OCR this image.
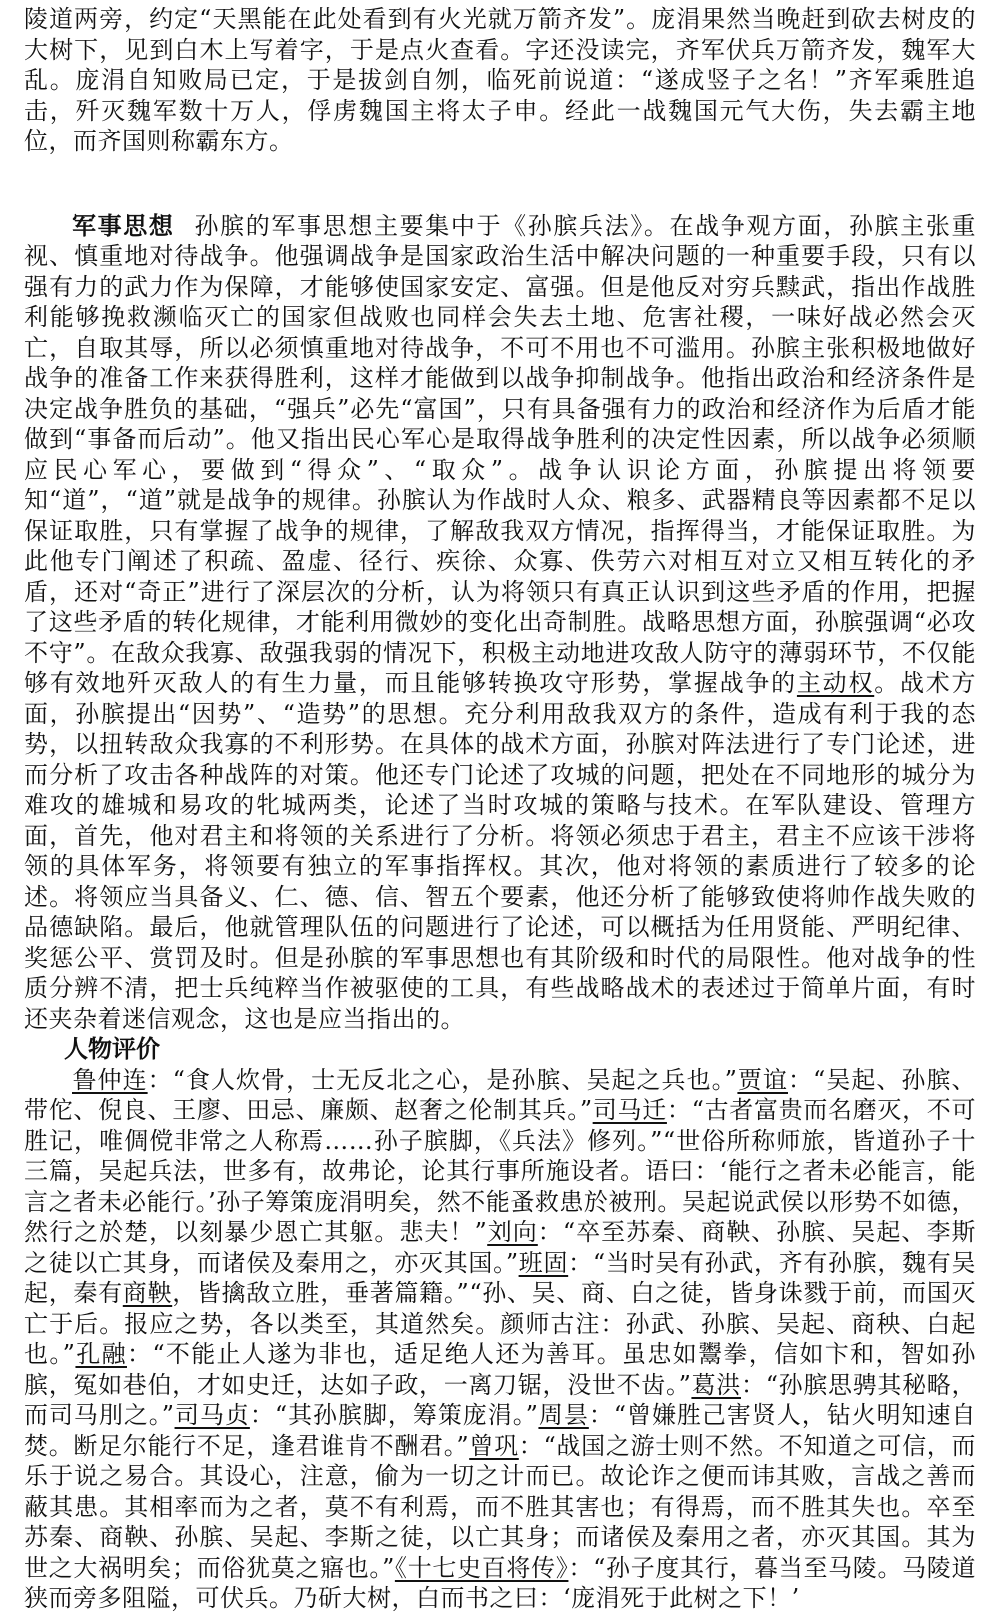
陵道两旁，约定“天黑能在此处看到有火光就万箭齐发”。庞涓果然当晚赶到砍去树皮的大树下，见到白木上写着字，于是点火查看。字还没读完，齐军伏兵万箭齐发，魏军大乱。庞涓自知败局已定，于是拔剑自刎，临死前说道：“遂成竖子之名！”齐军乘胜追击，歼灭魏军数十万人，俘虏魏国主将太子申。经此一战魏国元气大伤，失去霸主地位，而齐国则称霸东方。

军事思想 孙膑的军事思想主要集中于《孙膑兵法》。在战争观方面，孙膑主张重视、慎重地对待战争。他强调战争是国家政治生活中解决问题的一种重要手段，只有以强有力的武力作为保障，才能够使国家安定、富强。但是他反对穷兵黩武，指出作战胜利能够挽救濒临灭亡的国家但战败也同样会失去土地、危害社稷，一味好战必然会灭亡，自取其辱，所以必须慎重地对待战争，不可不用也不可滥用。孙膑主张积极地做好战争的准备工作来获得胜利，这样才能做到以战争抑制战争。他指出政治和经济条件是决定战争胜负的基础，“强兵”必先“富国”，只有具备强有力的政治和经济作为后盾才能做到“事备而后动”。他又指出民心军心是取得战争胜利的决定性因素，所以战争必须顺应民心军心，要做到“得众”、“取众”。战争认识论方面，孙膑提出将领要知“道”，“道”就是战争的规律。孙膑认为作战时人众、粮多、武器精良等因素都不足以保证取胜，只有掌握了战争的规律，了解敌我双方情况，指挥得当，才能保证取胜。为此他专门阐述了积疏、盈虚、径行、疾徐、众寡、佚劳六对相互对立又相互转化的矛盾，还对“奇正”进行了深层次的分析，认为将领只有真正认识到这些矛盾的作用，把握了这些矛盾的转化规律，才能利用微妙的变化出奇制胜。战略思想方面，孙膑强调“必攻不守”。在敌众我寡、敌强我弱的情况下，积极主动地进攻敌人防守的薄弱环节，不仅能够有效地歼灭敌人的有生力量，而且能够转换攻守形势，掌握战争的主动权。战术方面，孙膑提出“因势”、“造势”的思想。充分利用敌我双方的条件，造成有利于我的态势，以扭转敌众我寡的不利形势。在具体的战术方面，孙膑对阵法进行了专门论述，进而分析了攻击各种战阵的对策。他还专门论述了攻城的问题，把处在不同地形的城分为难攻的雄城和易攻的牝城两类，论述了当时攻城的策略与技术。在军队建设、管理方面，首先，他对君主和将领的关系进行了分析。将领必须忠于君主，君主不应该干涉将领的具体军务，将领要有独立的军事指挥权。其次，他对将领的素质进行了较多的论述。将领应当具备义、仁、德、信、智五个要素，他还分析了能够致使将帅作战失败的品德缺陷。最后，他就管理队伍的问题进行了论述，可以概括为任用贤能、严明纪律、奖惩公平、赏罚及时。但是孙膑的军事思想也有其阶级和时代的局限性。他对战争的性质分辨不清，把士兵纯粹当作被驱使的工具，有些战略战术的表述过于简单片面，有时还夹杂着迷信观念，这也是应当指出的。

人物评价

鲁仲连：“食人炊骨，士无反北之心，是孙膑、吴起之兵也。”贾谊：“吴起、孙膑、带佗、倪良、王廖、田忌、廉颇、赵奢之伦制其兵。”司马迁：“古者富贵而名磨灭，不可胜记，唯倜傥非常之人称焉……孙子膑脚，《兵法》修列。”“世俗所称师旅，皆道孙子十三篇，吴起兵法，世多有，故弗论，论其行事所施设者。语曰：‘能行之者未必能言，能言之者未必能行。’孙子筹策庞涓明矣，然不能蚤救患於被刑。吴起说武侯以形势不如德，然行之於楚，以刻暴少恩亡其躯。悲夫！”刘向：“卒至苏秦、商鞅、孙膑、吴起、李斯之徒以亡其身，而诸侯及秦用之，亦灭其国。”班固：“当时吴有孙武，齐有孙膑，魏有吴起，秦有商鞅，皆擒敌立胜，垂著篇籍。”“孙、吴、商、白之徒，皆身诛戮于前，而国灭亡于后。报应之势，各以类至，其道然矣。颜师古注：孙武、孙膑、吴起、商秧、白起也。”孔融：“不能止人遂为非也，适足绝人还为善耳。虽忠如鬻拳，信如卞和，智如孙膑，冤如巷伯，才如史迁，达如子政，一离刀锯，没世不齿。”葛洪：“孙膑思骋其秘略，而司马刖之。”司马贞：“其孙膑脚，筹策庞涓。”周昙：“曾嫌胜己害贤人，钻火明知速自焚。断足尔能行不足，逢君谁肯不酬君。”曾巩：“战国之游士则不然。不知道之可信，而乐于说之易合。其设心，注意，偷为一切之计而已。故论诈之便而讳其败，言战之善而蔽其患。其相率而为之者，莫不有利焉，而不胜其害也；有得焉，而不胜其失也。卒至苏秦、商鞅、孙膑、吴起、李斯之徒，以亡其身；而诸侯及秦用之者，亦灭其国。其为世之大祸明矣；而俗犹莫之寤也。”《十七史百将传》：“孙子度其行，暮当至马陵。马陵道狭而旁多阻隘，可伏兵。乃斫大树，白而书之曰：‘庞涓死于此树之下！’
